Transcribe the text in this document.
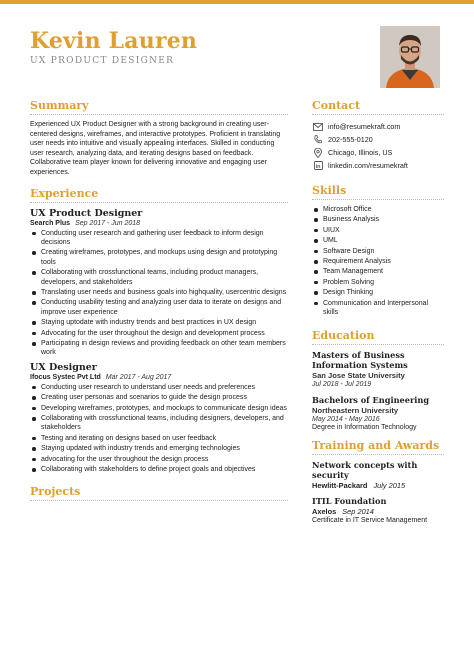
Kevin Lauren
UX PRODUCT DESIGNER
Summary
Experienced UX Product Designer with a strong background in creating user-centered designs, wireframes, and interactive prototypes. Proficient in translating user needs into intuitive and visually appealing interfaces. Skilled in conducting user research, analyzing data, and iterating designs based on feedback. Collaborative team player known for delivering innovative and engaging user experiences.
Experience
UX Product Designer
Search Plus Sep 2017 - Jun 2018
Conducting user research and gathering user feedback to inform design decisions
Creating wireframes, prototypes, and mockups using design and prototyping tools
Collaborating with crossfunctional teams, including product managers, developers, and stakeholders
Translating user needs and business goals into highquality, usercentric designs
Conducting usability testing and analyzing user data to iterate on designs and improve user experience
Staying uptodate with industry trends and best practices in UX design
Advocating for the user throughout the design and development process
Participating in design reviews and providing feedback on other team members work
UX Designer
Ifocus Systec Pvt Ltd Mar 2017 - Aug 2017
Conducting user research to understand user needs and preferences
Creating user personas and scenarios to guide the design process
Developing wireframes, prototypes, and mockups to communicate design ideas
Collaborating with crossfunctional teams, including designers, developers, and stakeholders
Testing and iterating on designs based on user feedback
Staying updated with industry trends and emerging technologies
advocating for the user throughout the design process
Collaborating with stakeholders to define project goals and objectives
Projects
Contact
info@resumekraft.com
202-555-0120
Chicago, Illinois, US
in linkedin.com/resumekraft
Skills
Microsoft Office
Business Analysis
UIUX
UML
Software Design
Requirement Analysis
Team Management
Problem Solving
Design Thinking
Communication and Interpersonal skills
Education
Masters of Business Information Systems
San Jose State University
Jul 2018 - Jul 2019
Bachelors of Engineering
Northeastern University
May 2014 - May 2016
Degree in Information Technology
Training and Awards
Network concepts with security
Hewlitt-Packard July 2015
ITIL Foundation
Axelos Sep 2014
Certificate in IT Service Management
